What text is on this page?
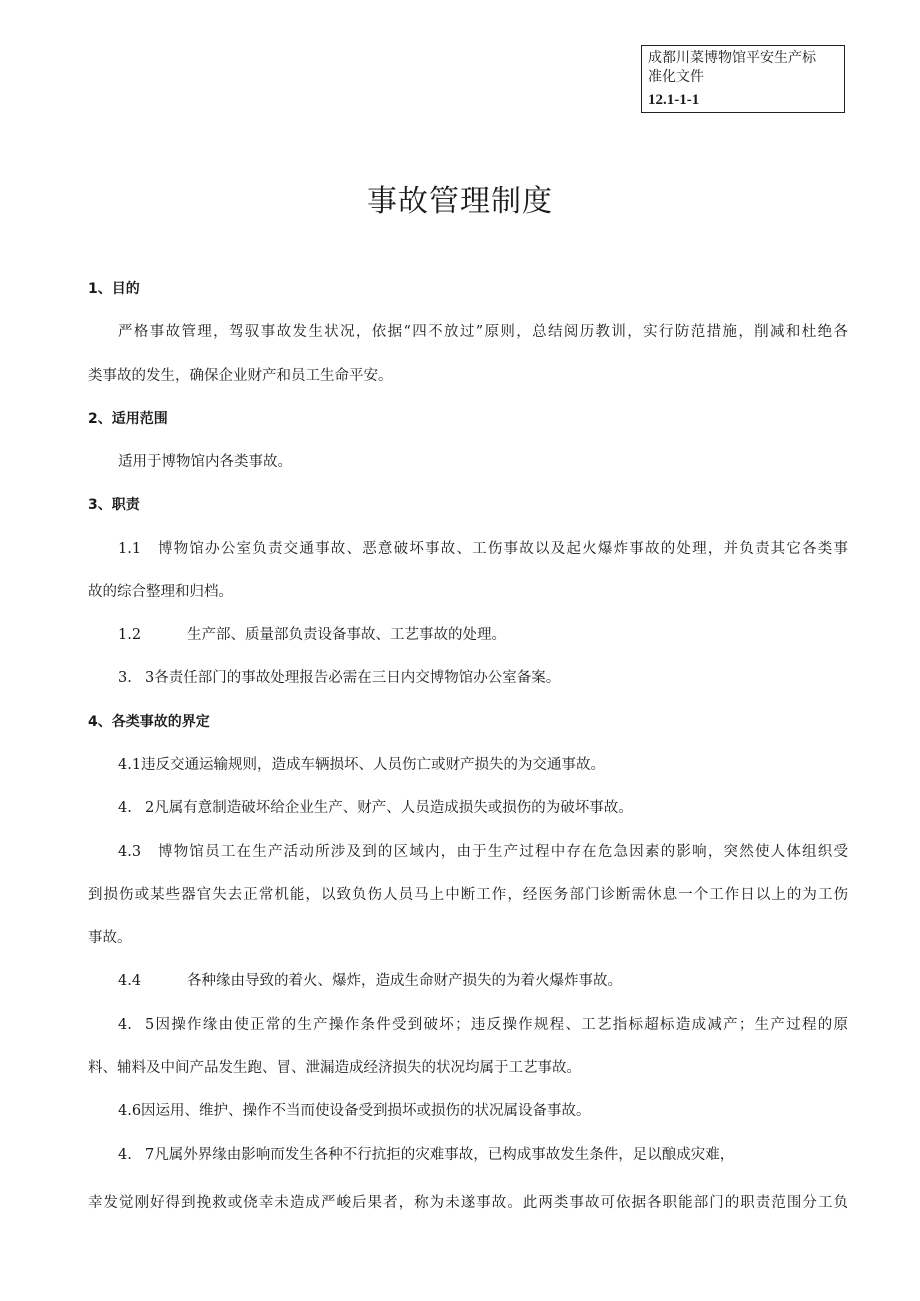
成都川菜博物馆平安生产标
准化文件
12.1-1-1
事故管理制度
1、目的
严格事故管理，驾驭事故发生状况，依据“四不放过”原则，总结阅历教训，实行防范措施，削减和杜绝各
类事故的发生，确保企业财产和员工生命平安。
2、适用范围
适用于博物馆内各类事故。
3、职责
1.1	博物馆办公室负责交通事故、恶意破坏事故、工伤事故以及起火爆炸事故的处理，并负责其它各类事
故的综合整理和归档。
1.2	生产部、质量部负责设备事故、工艺事故的处理。
3. 3各责任部门的事故处理报告必需在三日内交博物馆办公室备案。
4、各类事故的界定
4.1违反交通运输规则，造成车辆损坏、人员伤亡或财产损失的为交通事故。
4. 2凡属有意制造破坏给企业生产、财产、人员造成损失或损伤的为破坏事故。
4.3	博物馆员工在生产活动所涉及到的区域内，由于生产过程中存在危急因素的影响，突然使人体组织受
到损伤或某些器官失去正常机能，以致负伤人员马上中断工作，经医务部门诊断需休息一个工作日以上的为工伤
事故。
4.4	各种缘由导致的着火、爆炸，造成生命财产损失的为着火爆炸事故。
4. 5因操作缘由使正常的生产操作条件受到破坏；违反操作规程、工艺指标超标造成减产；生产过程的原
料、辅料及中间产品发生跑、冒、泄漏造成经济损失的状况均属于工艺事故。
4.6因运用、维护、操作不当而使设备受到损坏或损伤的状况属设备事故。
4. 7凡属外界缘由影响而发生各种不行抗拒的灾难事故，已构成事故发生条件，足以酿成灾难，
幸发觉刚好得到挽救或侥幸未造成严峻后果者，称为未遂事故。此两类事故可依据各职能部门的职责范围分工负
